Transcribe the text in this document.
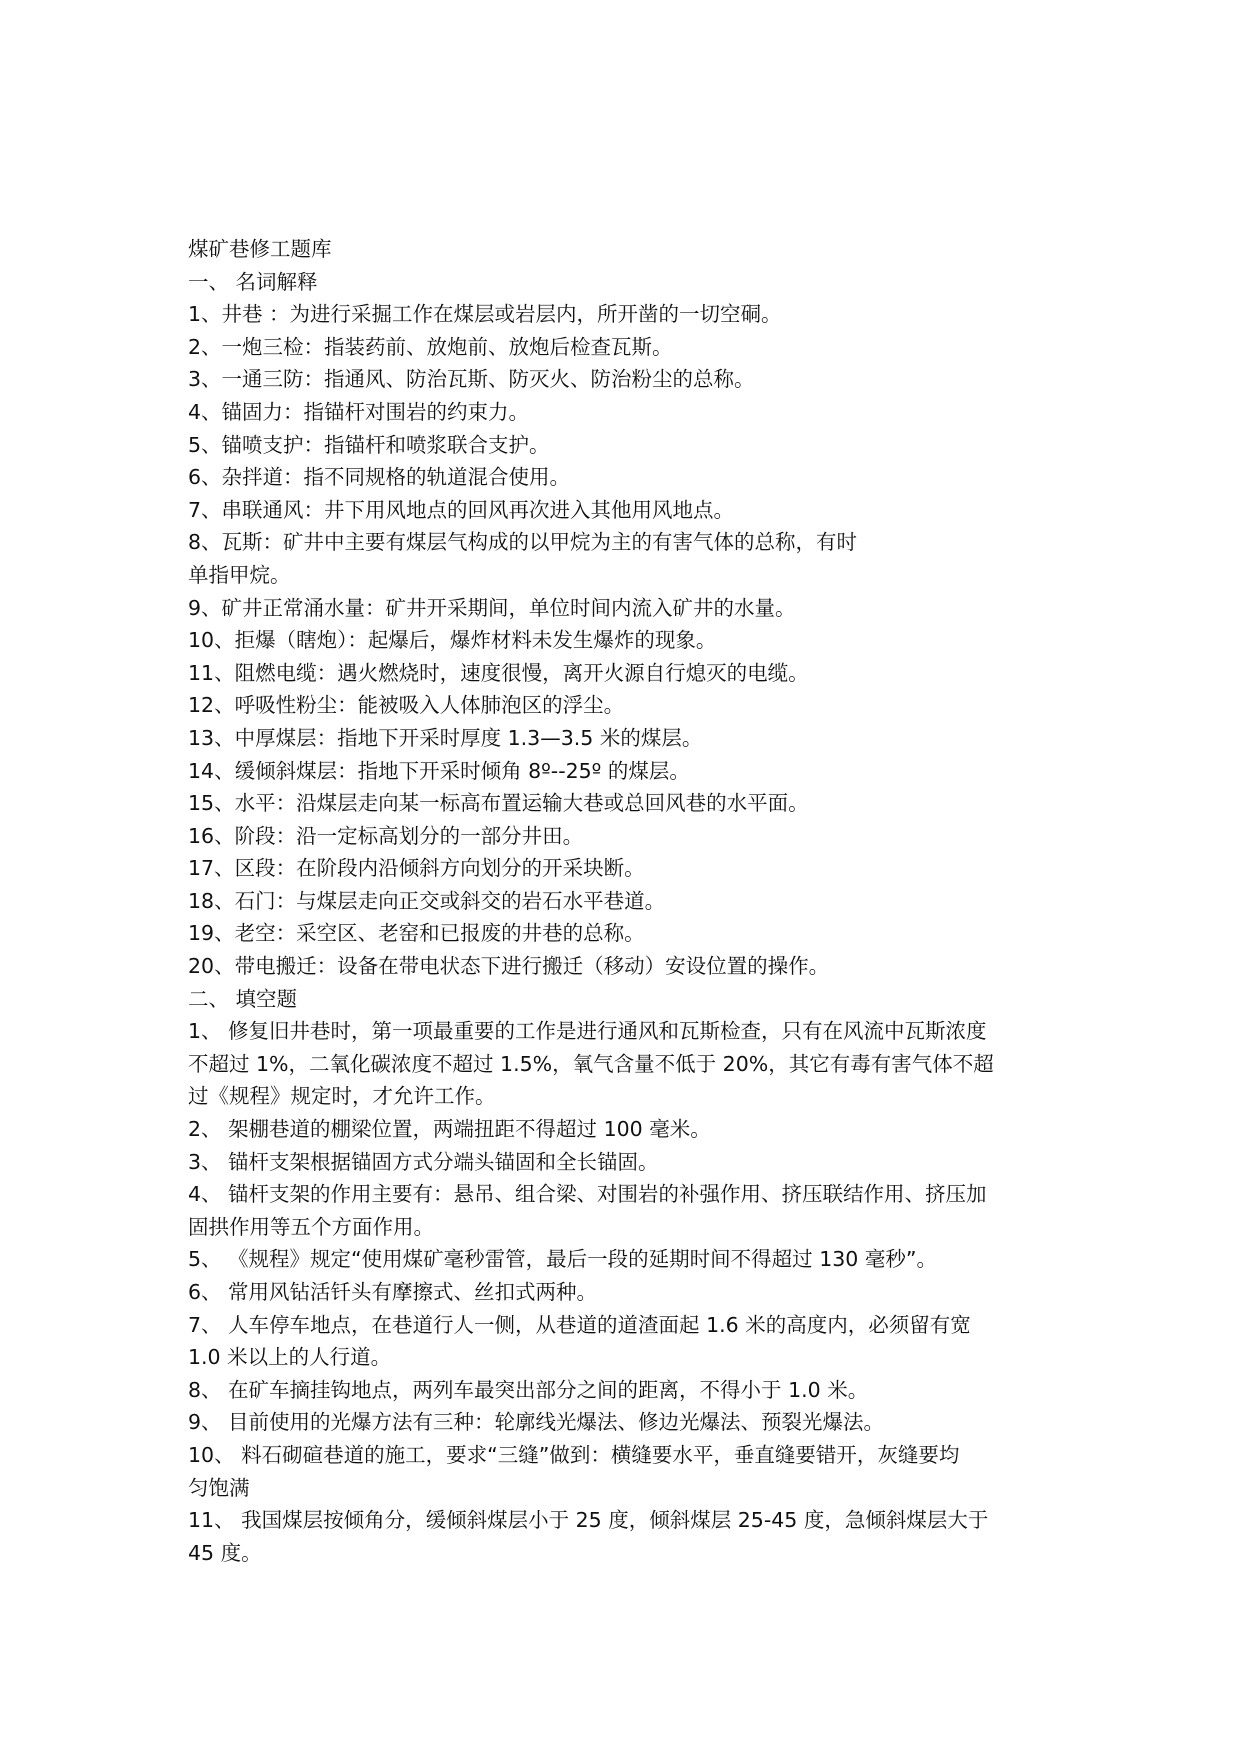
煤矿巷修工题库
一、 名词解释
1、井巷 ：为进行采掘工作在煤层或岩层内，所开凿的一切空硐。
2、一炮三检：指装药前、放炮前、放炮后检查瓦斯。
3、一通三防：指通风、防治瓦斯、防灭火、防治粉尘的总称。
4、锚固力：指锚杆对围岩的约束力。
5、锚喷支护：指锚杆和喷浆联合支护。
6、杂拌道：指不同规格的轨道混合使用。
7、串联通风：井下用风地点的回风再次进入其他用风地点。
8、瓦斯：矿井中主要有煤层气构成的以甲烷为主的有害气体的总称，有时
单指甲烷。
9、矿井正常涌水量：矿井开采期间，单位时间内流入矿井的水量。
10、拒爆（瞎炮）：起爆后，爆炸材料未发生爆炸的现象。
11、阻燃电缆：遇火燃烧时，速度很慢，离开火源自行熄灭的电缆。
12、呼吸性粉尘：能被吸入人体肺泡区的浮尘。
13、中厚煤层：指地下开采时厚度 1.3—3.5 米的煤层。
14、缓倾斜煤层：指地下开采时倾角 8º--25º 的煤层。
15、水平：沿煤层走向某一标高布置运输大巷或总回风巷的水平面。
16、阶段：沿一定标高划分的一部分井田。
17、区段：在阶段内沿倾斜方向划分的开采块断。
18、石门：与煤层走向正交或斜交的岩石水平巷道。
19、老空：采空区、老窑和已报废的井巷的总称。
20、带电搬迁：设备在带电状态下进行搬迁（移动）安设位置的操作。
二、 填空题
1、 修复旧井巷时，第一项最重要的工作是进行通风和瓦斯检查，只有在风流中瓦斯浓度
不超过 1%，二氧化碳浓度不超过 1.5%，氧气含量不低于 20%，其它有毒有害气体不超
过《规程》规定时，才允许工作。
2、 架棚巷道的棚梁位置，两端扭距不得超过 100 毫米。
3、 锚杆支架根据锚固方式分端头锚固和全长锚固。
4、 锚杆支架的作用主要有：悬吊、组合梁、对围岩的补强作用、挤压联结作用、挤压加
固拱作用等五个方面作用。
5、 《规程》规定“使用煤矿毫秒雷管，最后一段的延期时间不得超过 130 毫秒”。
6、 常用风钻活钎头有摩擦式、丝扣式两种。
7、 人车停车地点，在巷道行人一侧，从巷道的道渣面起 1.6 米的高度内，必须留有宽
1.0 米以上的人行道。
8、 在矿车摘挂钩地点，两列车最突出部分之间的距离，不得小于 1.0 米。
9、 目前使用的光爆方法有三种：轮廓线光爆法、修边光爆法、预裂光爆法。
10、 料石砌碹巷道的施工，要求“三缝”做到：横缝要水平，垂直缝要错开，灰缝要均
匀饱满
11、 我国煤层按倾角分，缓倾斜煤层小于 25 度，倾斜煤层 25-45 度，急倾斜煤层大于
45 度。
